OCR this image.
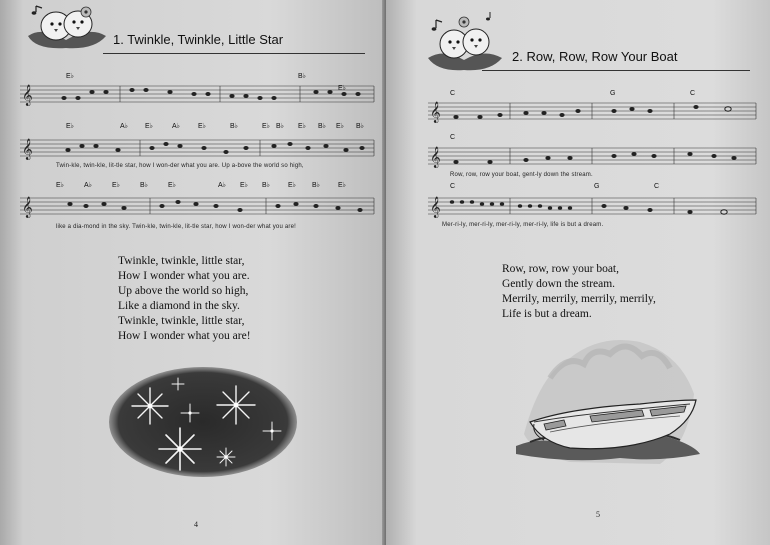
1. Twinkle, Twinkle, Little Star
𝄞
E♭	B♭
E♭
𝄞
E♭	A♭ E♭	A♭	E♭	B♭	E♭ B♭ E♭ B♭ E♭ B♭
Twin-kle, twin-kle, lit-tle star, how I won-der what you are. Up a-bove the world so high,
𝄞
E♭	A♭	E♭	B♭	E♭	A♭ E♭ B♭	E♭ B♭	E♭
like a dia-mond in the sky. Twin-kle, twin-kle, lit-tle star, how I won-der what you are!
Twinkle, twinkle, little star,
How I wonder what you are.
Up above the world so high,
Like a diamond in the sky.
Twinkle, twinkle, little star,
How I wonder what you are!
4
2. Row, Row, Row Your Boat
𝄞
C	G	C
𝄞
C
Row, row, row your boat, gent-ly down the stream.
𝄞
C	G	C
Mer-ri-ly, mer-ri-ly, mer-ri-ly, mer-ri-ly, life is but a dream.
Row, row, row your boat,
Gently down the stream.
Merrily, merrily, merrily, merrily,
Life is but a dream.
5
